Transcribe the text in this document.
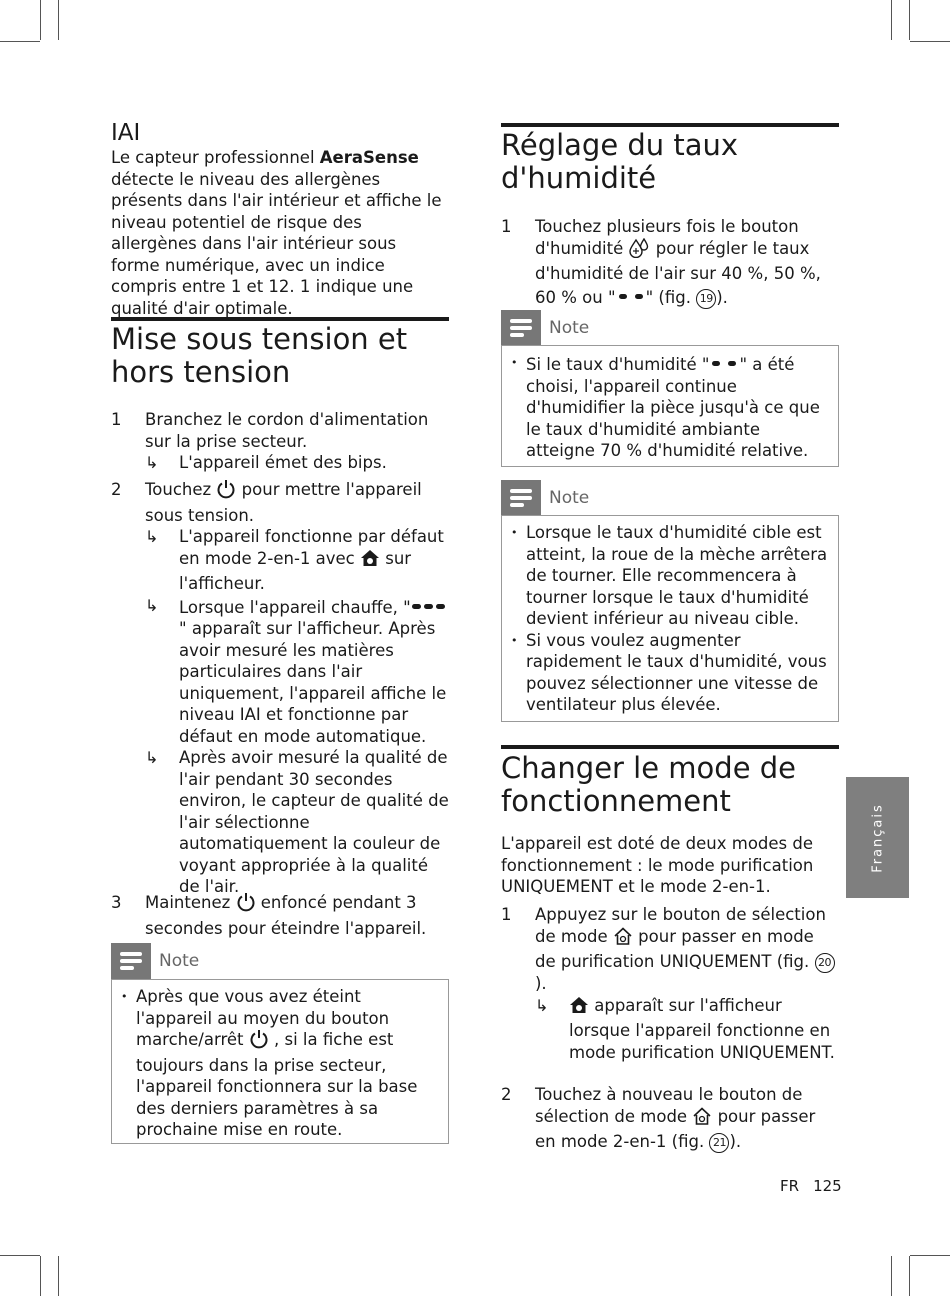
IAI
Le capteur professionnel AeraSense détecte le niveau des allergènes présents dans l'air intérieur et affiche le niveau potentiel de risque des allergènes dans l'air intérieur sous forme numérique, avec un indice compris entre 1 et 12. 1 indique une qualité d'air optimale.
Mise sous tension et hors tension
1 Branchez le cordon d'alimentation sur la prise secteur.
↳ L'appareil émet des bips.
2 Touchez  pour mettre l'appareil sous tension.
↳ L'appareil fonctionne par défaut en mode 2-en-1 avec  sur l'afficheur.
↳ Lorsque l'appareil chauffe, "" apparaît sur l'afficheur. Après avoir mesuré les matières particulaires dans l'air uniquement, l'appareil affiche le niveau IAI et fonctionne par défaut en mode automatique.
↳ Après avoir mesuré la qualité de l'air pendant 30 secondes environ, le capteur de qualité de l'air sélectionne automatiquement la couleur de voyant appropriée à la qualité de l'air.
3 Maintenez  enfoncé pendant 3 secondes pour éteindre l'appareil.
Note
• Après que vous avez éteint l'appareil au moyen du bouton marche/arrêt  , si la fiche est toujours dans la prise secteur, l'appareil fonctionnera sur la base des derniers paramètres à sa prochaine mise en route.
Réglage du taux d'humidité
1 Touchez plusieurs fois le bouton d'humidité  pour régler le taux d'humidité de l'air sur 40 %, 50 %, 60 % ou " " (fig. 19 ).
Note
• Si le taux d'humidité " " a été choisi, l'appareil continue d'humidifier la pièce jusqu'à ce que le taux d'humidité ambiante atteigne 70 % d'humidité relative.
Note
• Lorsque le taux d'humidité cible est atteint, la roue de la mèche arrêtera de tourner. Elle recommencera à tourner lorsque le taux d'humidité devient inférieur au niveau cible.
• Si vous voulez augmenter rapidement le taux d'humidité, vous pouvez sélectionner une vitesse de ventilateur plus élevée.
Changer le mode de fonctionnement
L'appareil est doté de deux modes de fonctionnement : le mode purification UNIQUEMENT et le mode 2-en-1.
1 Appuyez sur le bouton de sélection de mode  pour passer en mode de purification UNIQUEMENT (fig. 20).
↳ apparaît sur l'afficheur lorsque l'appareil fonctionne en mode purification UNIQUEMENT.
2 Touchez à nouveau le bouton de sélection de mode  pour passer en mode 2-en-1 (fig. 21 ).
Français
FR 125
